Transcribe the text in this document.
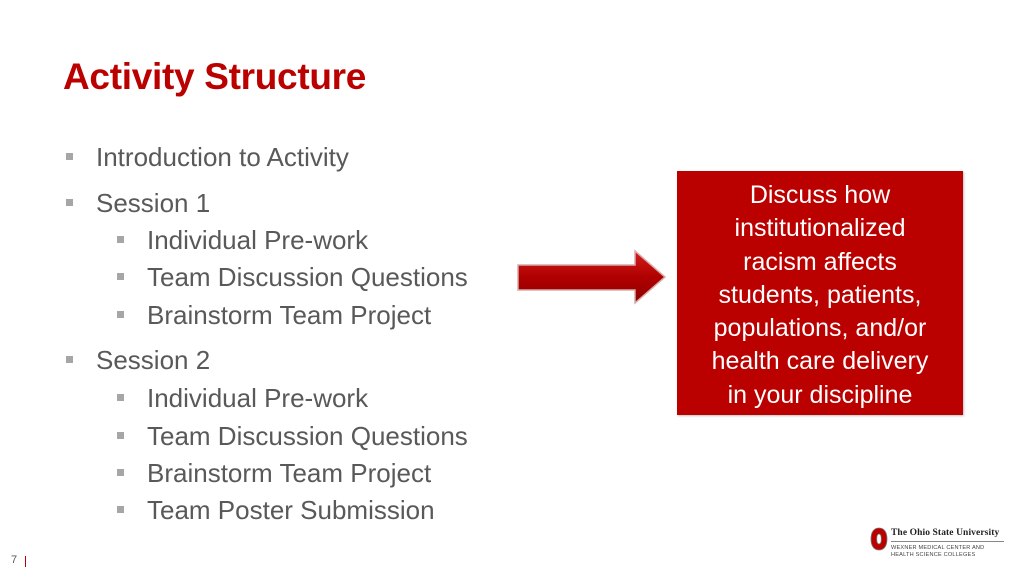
Activity Structure
Introduction to Activity
Session 1
Individual Pre-work
Team Discussion Questions
Brainstorm Team Project
Session 2
Individual Pre-work
Team Discussion Questions
Brainstorm Team Project
Team Poster Submission
Discuss how
institutionalized
racism affects
students, patients,
populations, and/or
health care delivery
in your discipline
The Ohio State University
WEXNER MEDICAL CENTER AND
HEALTH SCIENCE COLLEGES
7
